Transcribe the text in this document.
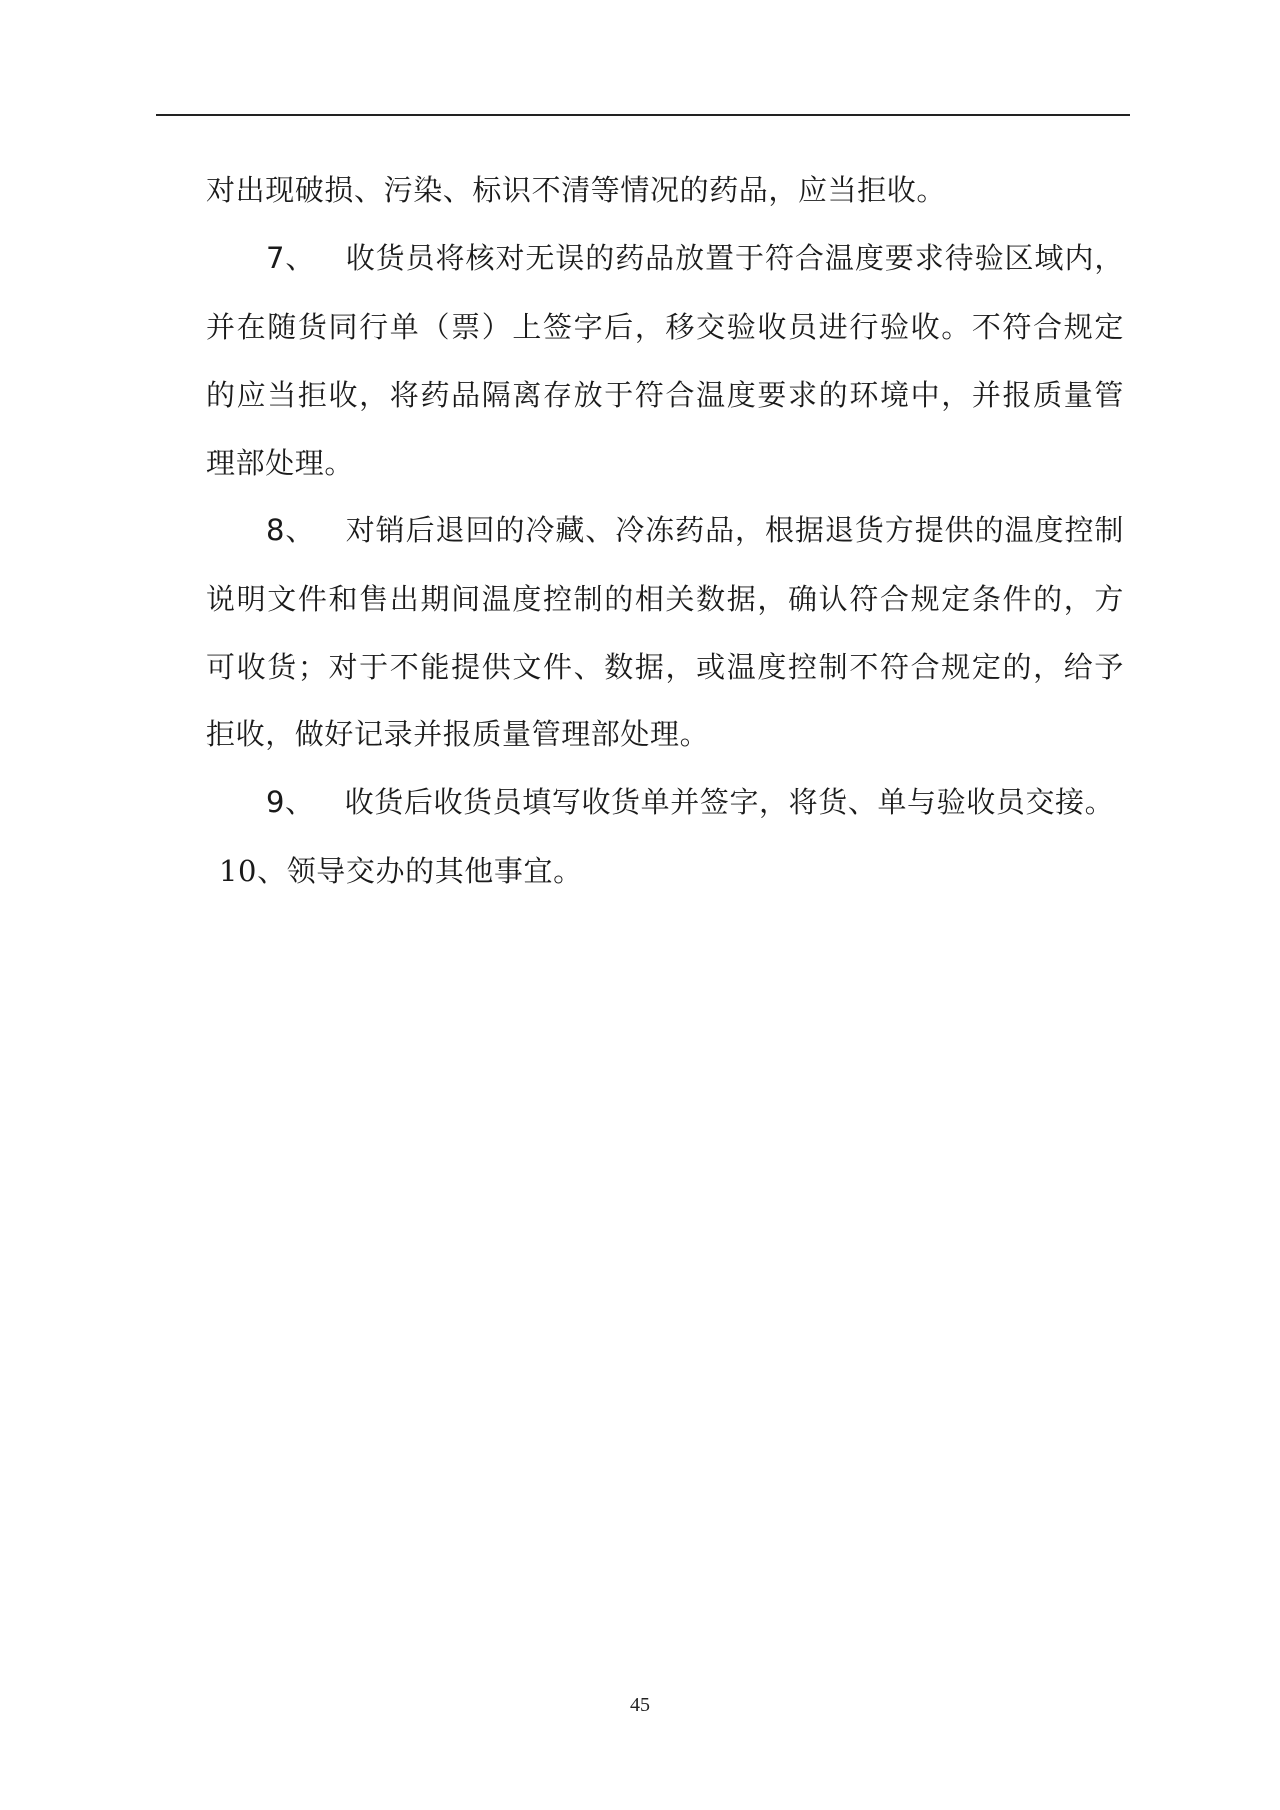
对出现破损、污染、标识不清等情况的药品，应当拒收。
7、 收货员将核对无误的药品放置于符合温度要求待验区域内，
并在随货同行单（票）上签字后，移交验收员进行验收。不符合规定
的应当拒收，将药品隔离存放于符合温度要求的环境中，并报质量管
理部处理。
8、 对销后退回的冷藏、冷冻药品，根据退货方提供的温度控制
说明文件和售出期间温度控制的相关数据，确认符合规定条件的，方
可收货；对于不能提供文件、数据，或温度控制不符合规定的，给予
拒收，做好记录并报质量管理部处理。
9、 收货后收货员填写收货单并签字，将货、单与验收员交接。
10、领导交办的其他事宜。
45
